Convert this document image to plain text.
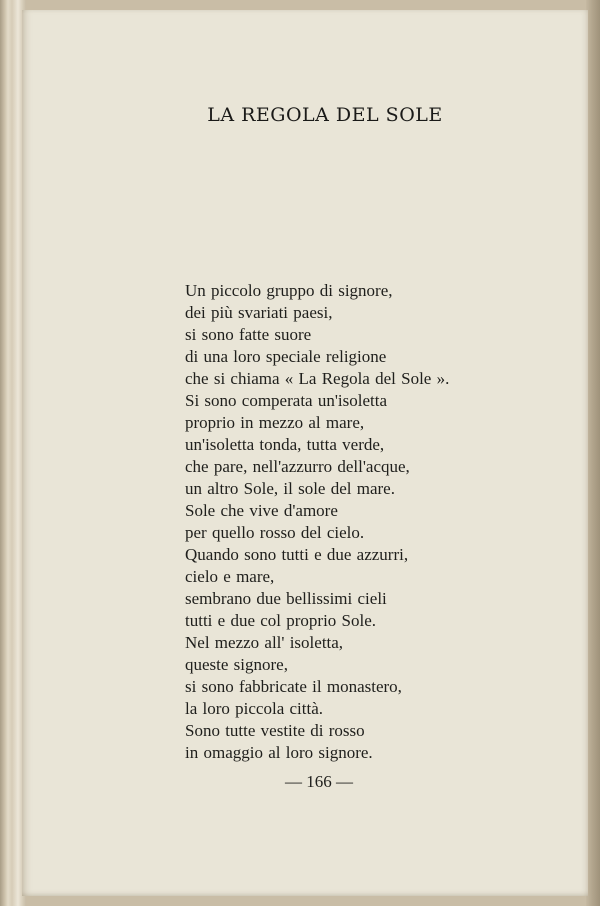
LA REGOLA DEL SOLE
Un piccolo gruppo di signore,
dei più svariati paesi,
si sono fatte suore
di una loro speciale religione
che si chiama « La Regola del Sole ».
Si sono comperata un'isoletta
proprio in mezzo al mare,
un'isoletta tonda, tutta verde,
che pare, nell'azzurro dell'acque,
un altro Sole, il sole del mare.
Sole che vive d'amore
per quello rosso del cielo.
Quando sono tutti e due azzurri,
cielo e mare,
sembrano due bellissimi cieli
tutti e due col proprio Sole.
Nel mezzo all' isoletta,
queste signore,
si sono fabbricate il monastero,
la loro piccola città.
Sono tutte vestite di rosso
in omaggio al loro signore.
— 166 —
